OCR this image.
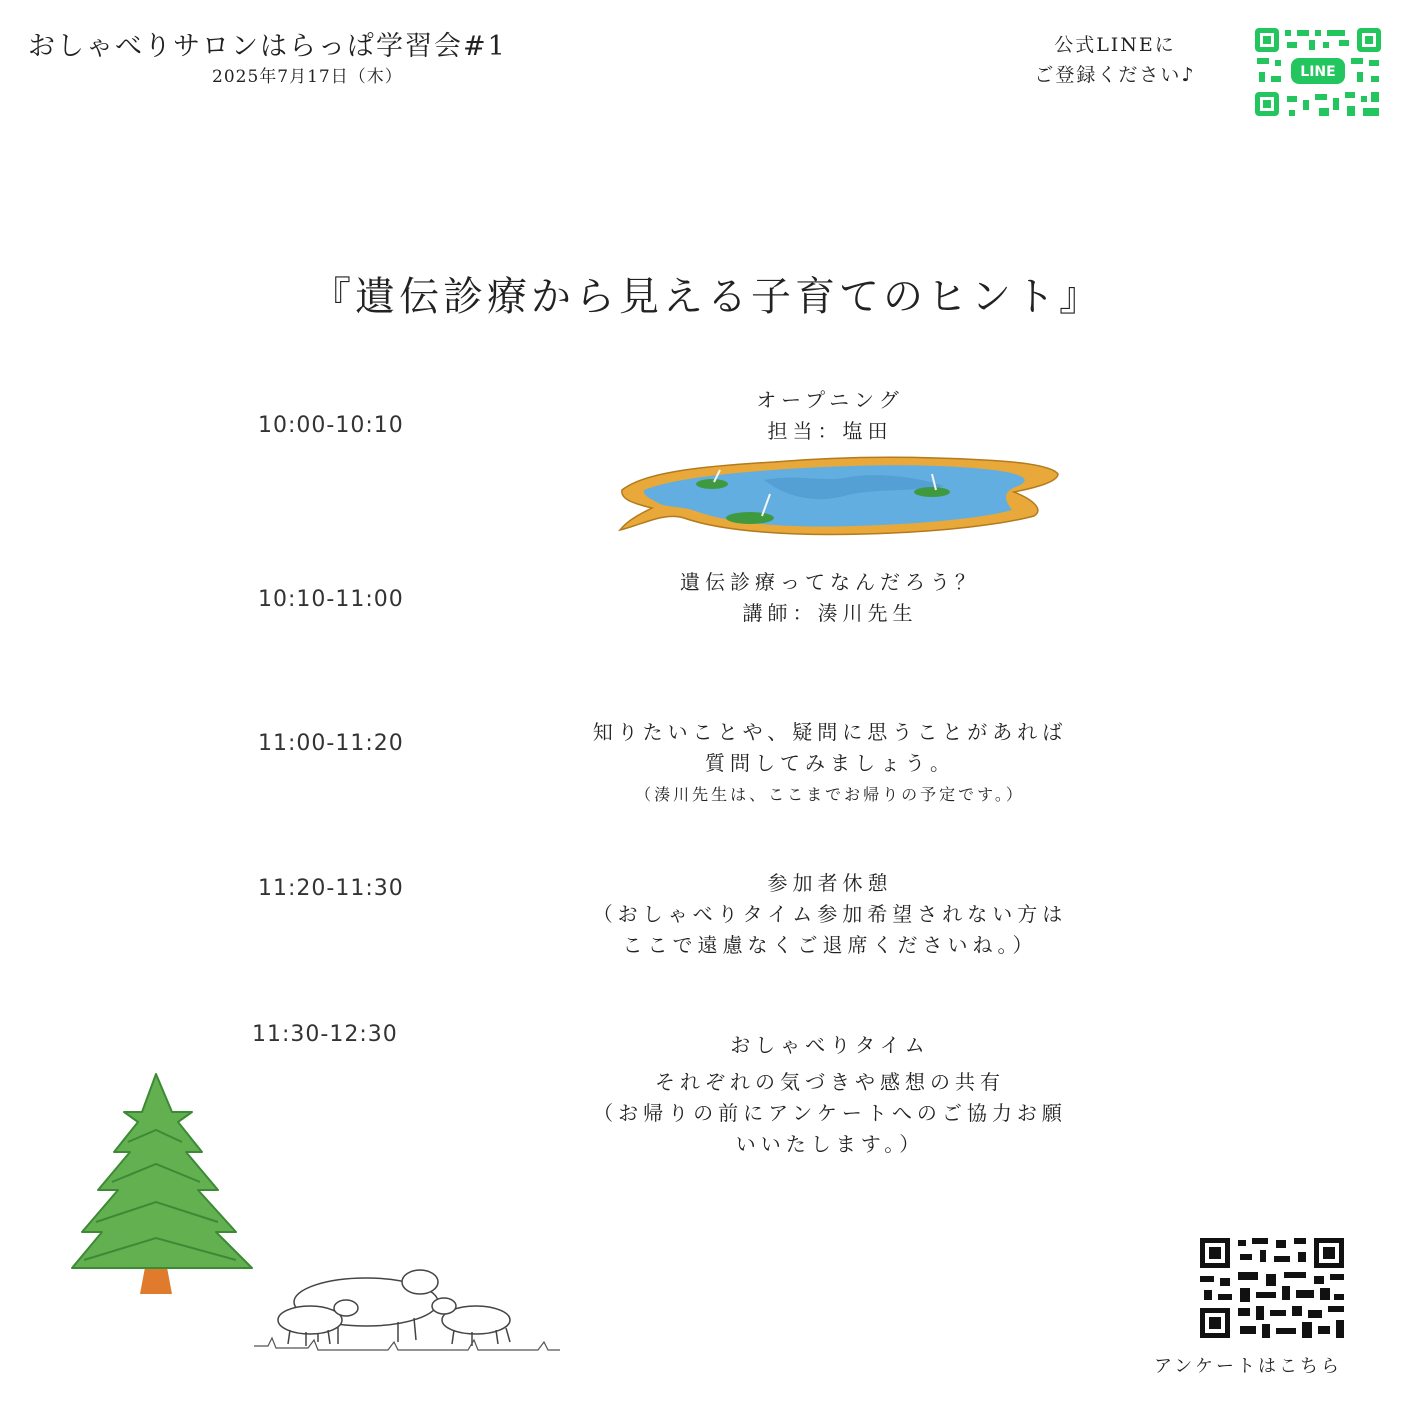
おしゃべりサロンはらっぱ学習会#1
2025年7月17日（木）
公式LINEに
ご登録ください♪	LINE
『遺伝診療から見える子育てのヒント』
10:00-10:10
オープニング
担当：塩田
10:10-11:00
遺伝診療ってなんだろう？
講師：湊川先生
11:00-11:20	知りたいことや、疑問に思うことがあれば
質問してみましょう。
（湊川先生は、ここまでお帰りの予定です。）
11:20-11:30	参加者休憩
（おしゃべりタイム参加希望されない方は
ここで遠慮なくご退席くださいね。）
11:30-12:30	おしゃべりタイム
それぞれの気づきや感想の共有
（お帰りの前にアンケートへのご協力お願
いいたします。）
アンケートはこちら
